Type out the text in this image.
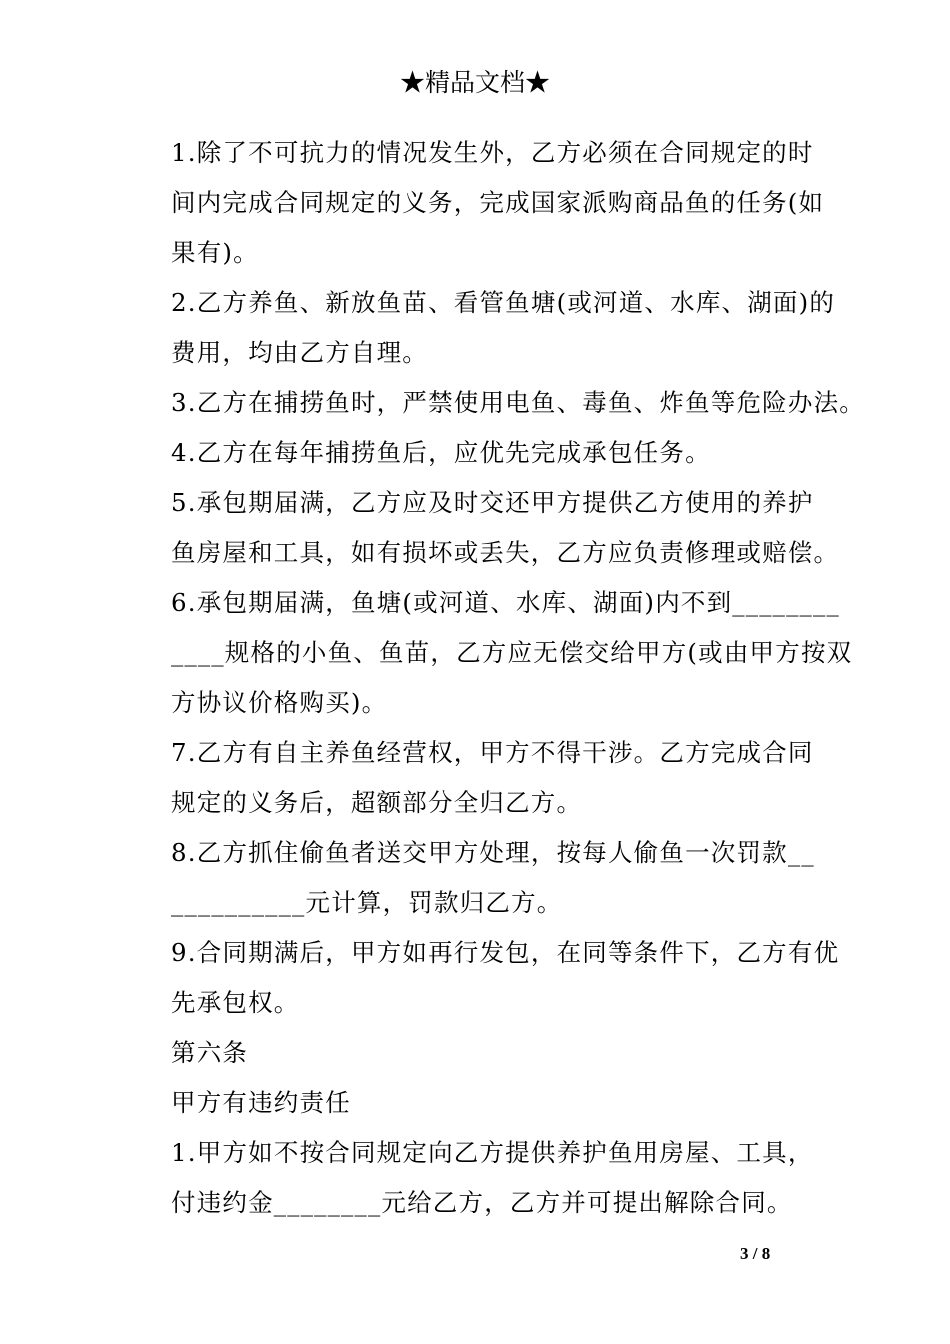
★精品文档★

1.除了不可抗力的情况发生外，乙方必须在合同规定的时
间内完成合同规定的义务，完成国家派购商品鱼的任务(如
果有)。

2.乙方养鱼、新放鱼苗、看管鱼塘(或河道、水库、湖面)的
费用，均由乙方自理。

3.乙方在捕捞鱼时，严禁使用电鱼、毒鱼、炸鱼等危险办法。

4.乙方在每年捕捞鱼后，应优先完成承包任务。

5.承包期届满，乙方应及时交还甲方提供乙方使用的养护
鱼房屋和工具，如有损坏或丢失，乙方应负责修理或赔偿。

6.承包期届满，鱼塘(或河道、水库、湖面)内不到________
____规格的小鱼、鱼苗，乙方应无偿交给甲方(或由甲方按双
方协议价格购买)。

7.乙方有自主养鱼经营权，甲方不得干涉。乙方完成合同
规定的义务后，超额部分全归乙方。

8.乙方抓住偷鱼者送交甲方处理，按每人偷鱼一次罚款__
__________元计算，罚款归乙方。

9.合同期满后，甲方如再行发包，在同等条件下，乙方有优
先承包权。

第六条

甲方有违约责任

1.甲方如不按合同规定向乙方提供养护鱼用房屋、工具，
付违约金________元给乙方，乙方并可提出解除合同。

3 / 8
